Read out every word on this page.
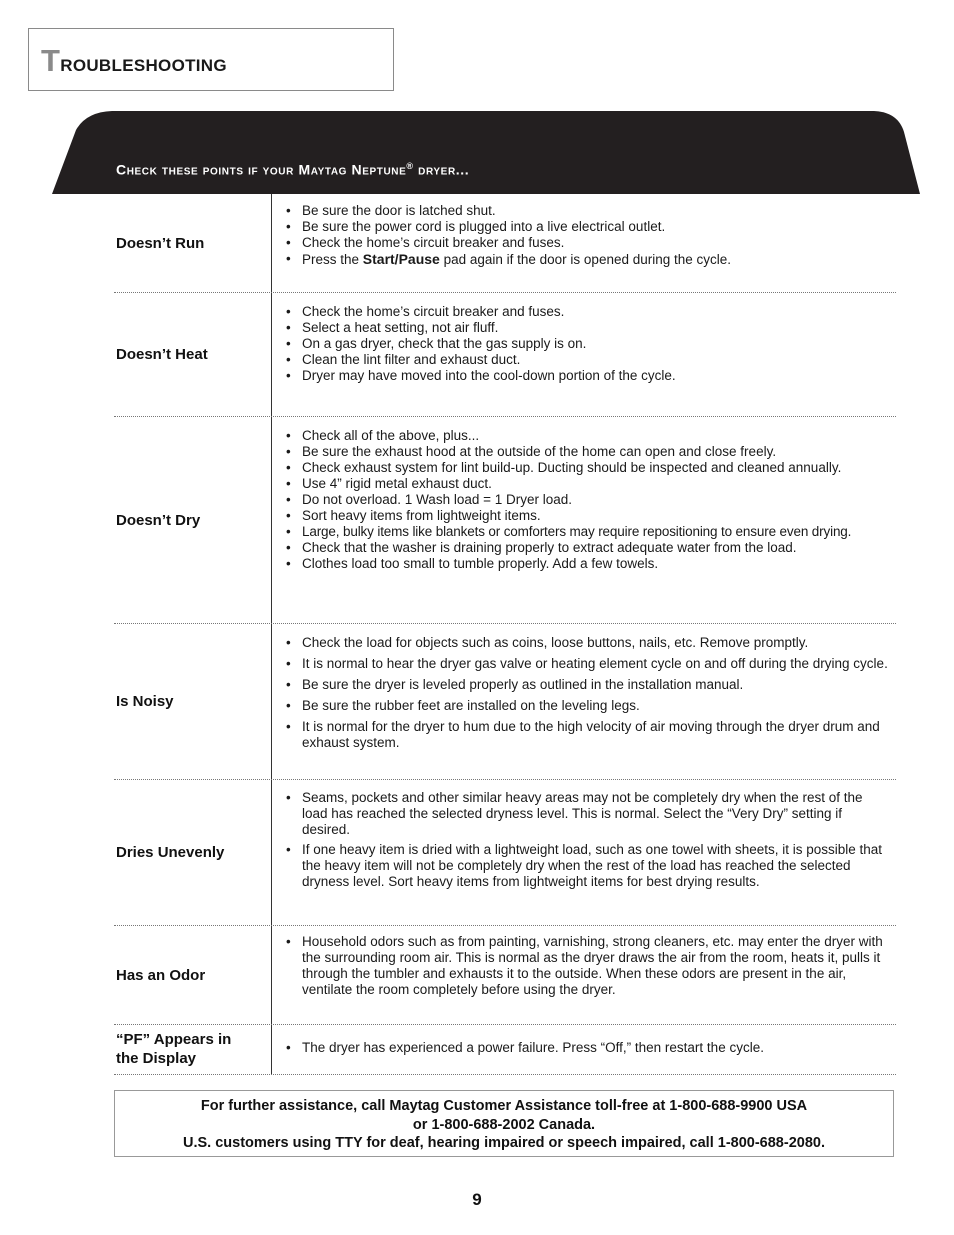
Troubleshooting
Check these points if your Maytag Neptune® dryer...
Doesn’t Run
• Be sure the door is latched shut.
• Be sure the power cord is plugged into a live electrical outlet.
• Check the home’s circuit breaker and fuses.
• Press the Start/Pause pad again if the door is opened during the cycle.
Doesn’t Heat
• Check the home’s circuit breaker and fuses.
• Select a heat setting, not air fluff.
• On a gas dryer, check that the gas supply is on.
• Clean the lint filter and exhaust duct.
• Dryer may have moved into the cool-down portion of the cycle.
Doesn’t Dry
• Check all of the above, plus...
• Be sure the exhaust hood at the outside of the home can open and close freely.
• Check exhaust system for lint build-up. Ducting should be inspected and cleaned annually.
• Use 4” rigid metal exhaust duct.
• Do not overload. 1 Wash load = 1 Dryer load.
• Sort heavy items from lightweight items.
• Large, bulky items like blankets or comforters may require repositioning to ensure even drying.
• Check that the washer is draining properly to extract adequate water from the load.
• Clothes load too small to tumble properly. Add a few towels.
Is Noisy
• Check the load for objects such as coins, loose buttons, nails, etc. Remove promptly.
• It is normal to hear the dryer gas valve or heating element cycle on and off during the drying cycle.
• Be sure the dryer is leveled properly as outlined in the installation manual.
• Be sure the rubber feet are installed on the leveling legs.
• It is normal for the dryer to hum due to the high velocity of air moving through the dryer drum and exhaust system.
Dries Unevenly
• Seams, pockets and other similar heavy areas may not be completely dry when the rest of the load has reached the selected dryness level. This is normal. Select the “Very Dry” setting if desired.
• If one heavy item is dried with a lightweight load, such as one towel with sheets, it is possible that the heavy item will not be completely dry when the rest of the load has reached the selected dryness level. Sort heavy items from lightweight items for best drying results.
Has an Odor
• Household odors such as from painting, varnishing, strong cleaners, etc. may enter the dryer with the surrounding room air. This is normal as the dryer draws the air from the room, heats it, pulls it through the tumbler and exhausts it to the outside. When these odors are present in the air, ventilate the room completely before using the dryer.
“PF” Appears in
the Display
• The dryer has experienced a power failure. Press “Off,” then restart the cycle.
For further assistance, call Maytag Customer Assistance toll-free at 1-800-688-9900 USA
or 1-800-688-2002 Canada.
U.S. customers using TTY for deaf, hearing impaired or speech impaired, call 1-800-688-2080.
9
